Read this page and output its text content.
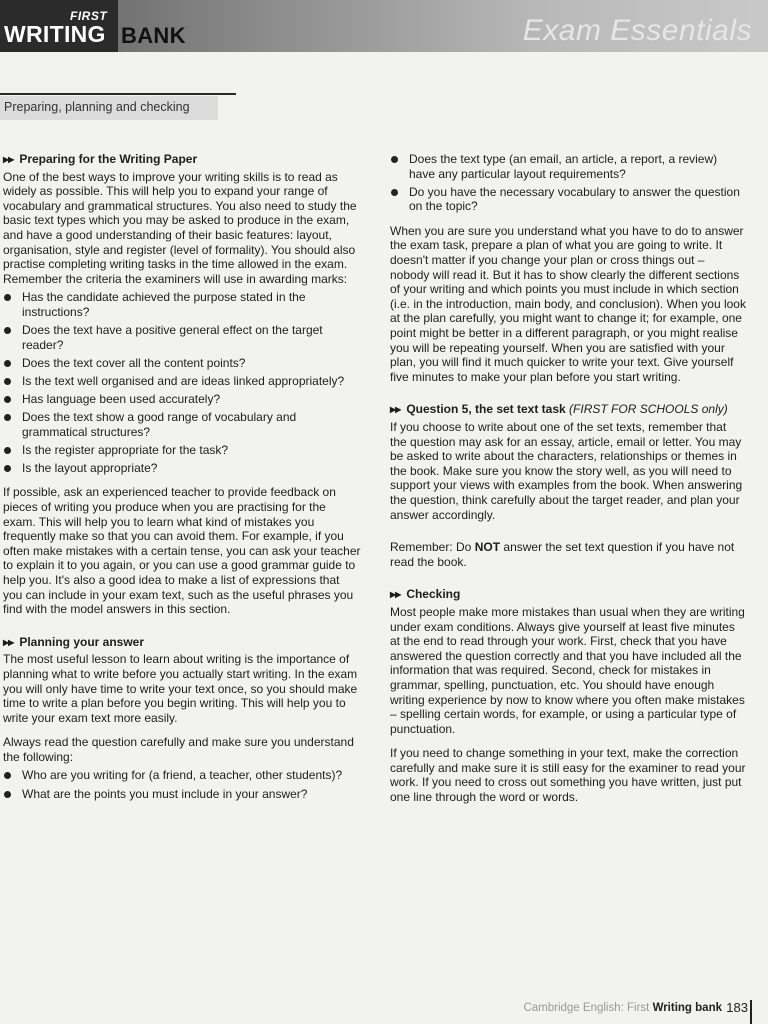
FIRST
WRITING BANK	Exam Essentials
Preparing, planning and checking
▶▶ Preparing for the Writing Paper

One of the best ways to improve your writing skills is to read as widely as possible. This will help you to expand your range of vocabulary and grammatical structures. You also need to study the basic text types which you may be asked to produce in the exam, and have a good understanding of their basic features: layout, organisation, style and register (level of formality). You should also practise completing writing tasks in the time allowed in the exam. Remember the criteria the examiners will use in awarding marks:

Has the candidate achieved the purpose stated in the instructions?
Does the text have a positive general effect on the target reader?
Does the text cover all the content points?
Is the text well organised and are ideas linked appropriately?
Has language been used accurately?
Does the text show a good range of vocabulary and grammatical structures?
Is the register appropriate for the task?
Is the layout appropriate?

If possible, ask an experienced teacher to provide feedback on pieces of writing you produce when you are practising for the exam. This will help you to learn what kind of mistakes you frequently make so that you can avoid them. For example, if you often make mistakes with a certain tense, you can ask your teacher to explain it to you again, or you can use a good grammar guide to help you. It's also a good idea to make a list of expressions that you can include in your exam text, such as the useful phrases you find with the model answers in this section.

▶▶ Planning your answer

The most useful lesson to learn about writing is the importance of planning what to write before you actually start writing. In the exam you will only have time to write your text once, so you should make time to write a plan before you begin writing. This will help you to write your exam text more easily.

Always read the question carefully and make sure you understand the following:

Who are you writing for (a friend, a teacher, other students)?
What are the points you must include in your answer?
Does the text type (an email, an article, a report, a review) have any particular layout requirements?
Do you have the necessary vocabulary to answer the question on the topic?

When you are sure you understand what you have to do to answer the exam task, prepare a plan of what you are going to write. It doesn't matter if you change your plan or cross things out – nobody will read it. But it has to show clearly the different sections of your writing and which points you must include in which section (i.e. in the introduction, main body, and conclusion). When you look at the plan carefully, you might want to change it; for example, one point might be better in a different paragraph, or you might realise you will be repeating yourself. When you are satisfied with your plan, you will find it much quicker to write your text. Give yourself five minutes to make your plan before you start writing.

▶▶ Question 5, the set text task (FIRST FOR SCHOOLS only)

If you choose to write about one of the set texts, remember that the question may ask for an essay, article, email or letter. You may be asked to write about the characters, relationships or themes in the book. Make sure you know the story well, as you will need to support your views with examples from the book. When answering the question, think carefully about the target reader, and plan your answer accordingly.

Remember: Do NOT answer the set text question if you have not read the book.

▶▶ Checking

Most people make more mistakes than usual when they are writing under exam conditions. Always give yourself at least five minutes at the end to read through your work. First, check that you have answered the question correctly and that you have included all the information that was required. Second, check for mistakes in grammar, spelling, punctuation, etc. You should have enough writing experience by now to know where you often make mistakes – spelling certain words, for example, or using a particular type of punctuation.

If you need to change something in your text, make the correction carefully and make sure it is still easy for the examiner to read your work. If you need to cross out something you have written, just put one line through the word or words.

Cambridge English: First Writing bank 183
